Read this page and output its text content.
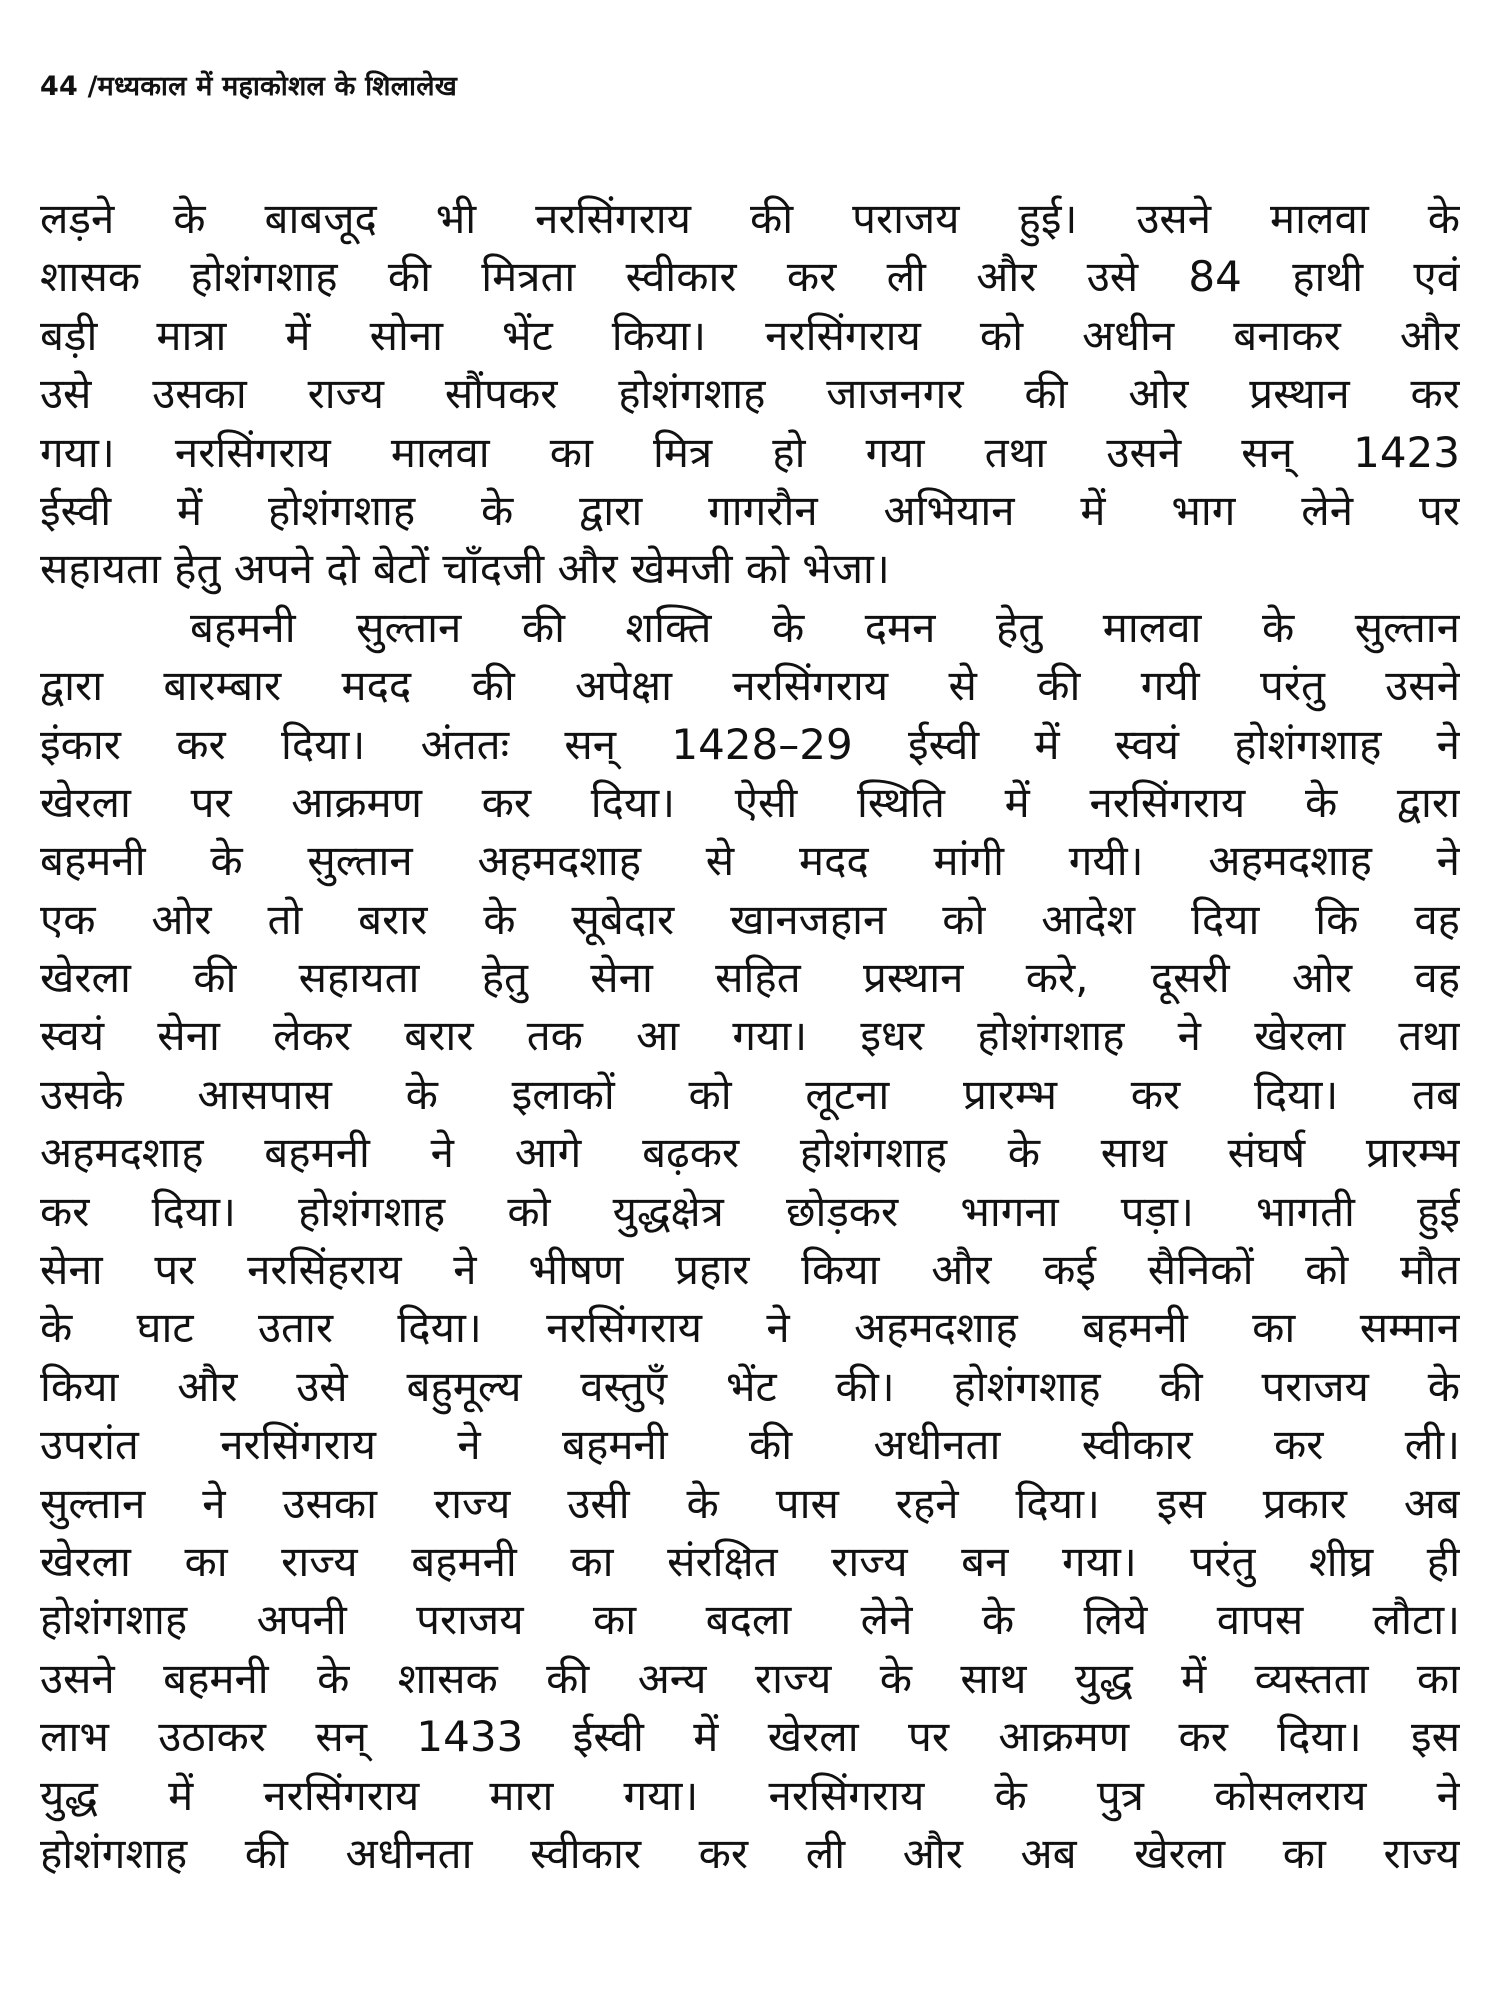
44 /मध्यकाल में महाकोशल के शिलालेख
लड़ने के बाबजूद भी नरसिंगराय की पराजय हुई। उसने मालवा के
शासक होशंगशाह की मित्रता स्वीकार कर ली और उसे 84 हाथी एवं
बड़ी मात्रा में सोना भेंट किया। नरसिंगराय को अधीन बनाकर और
उसे उसका राज्य सौंपकर होशंगशाह जाजनगर की ओर प्रस्थान कर
गया। नरसिंगराय मालवा का मित्र हो गया तथा उसने सन् 1423
ईस्वी में होशंगशाह के द्वारा गागरौन अभियान में भाग लेने पर
सहायता हेतु अपने दो बेटों चाँदजी और खेमजी को भेजा।
बहमनी सुल्तान की शक्ति के दमन हेतु मालवा के सुल्तान
द्वारा बारम्बार मदद की अपेक्षा नरसिंगराय से की गयी परंतु उसने
इंकार कर दिया। अंततः सन् 1428–29 ईस्वी में स्वयं होशंगशाह ने
खेरला पर आक्रमण कर दिया। ऐसी स्थिति में नरसिंगराय के द्वारा
बहमनी के सुल्तान अहमदशाह से मदद मांगी गयी। अहमदशाह ने
एक ओर तो बरार के सूबेदार खानजहान को आदेश दिया कि वह
खेरला की सहायता हेतु सेना सहित प्रस्थान करे, दूसरी ओर वह
स्वयं सेना लेकर बरार तक आ गया। इधर होशंगशाह ने खेरला तथा
उसके आसपास के इलाकों को लूटना प्रारम्भ कर दिया। तब
अहमदशाह बहमनी ने आगे बढ़कर होशंगशाह के साथ संघर्ष प्रारम्भ
कर दिया। होशंगशाह को युद्धक्षेत्र छोड़कर भागना पड़ा। भागती हुई
सेना पर नरसिंहराय ने भीषण प्रहार किया और कई सैनिकों को मौत
के घाट उतार दिया। नरसिंगराय ने अहमदशाह बहमनी का सम्मान
किया और उसे बहुमूल्य वस्तुएँ भेंट की। होशंगशाह की पराजय के
उपरांत नरसिंगराय ने बहमनी की अधीनता स्वीकार कर ली।
सुल्तान ने उसका राज्य उसी के पास रहने दिया। इस प्रकार अब
खेरला का राज्य बहमनी का संरक्षित राज्य बन गया। परंतु शीघ्र ही
होशंगशाह अपनी पराजय का बदला लेने के लिये वापस लौटा।
उसने बहमनी के शासक की अन्य राज्य के साथ युद्ध में व्यस्तता का
लाभ उठाकर सन् 1433 ईस्वी में खेरला पर आक्रमण कर दिया। इस
युद्ध में नरसिंगराय मारा गया। नरसिंगराय के पुत्र कोसलराय ने
होशंगशाह की अधीनता स्वीकार कर ली और अब खेरला का राज्य
